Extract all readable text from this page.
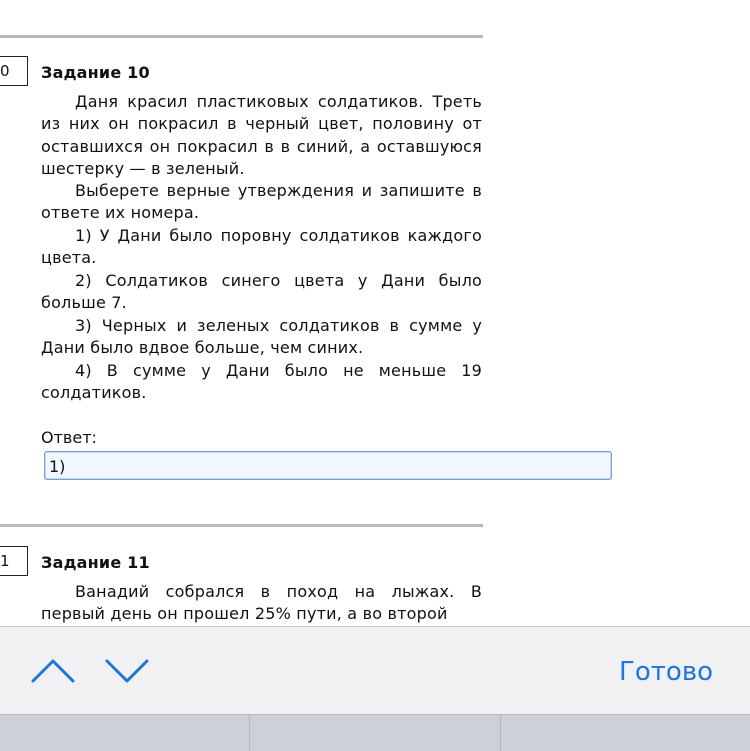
0	Задание 10

Даня красил пластиковых солдатиков. Треть из них он покрасил в черный цвет, половину от оставшихся он покрасил в в синий, а оставшуюся шестерку — в зеленый.

Выберете верные утверждения и запишите в ответе их номера.

1) У Дани было поровну солдатиков каждого цвета.

2) Солдатиков синего цвета у Дани было больше 7.

3) Черных и зеленых солдатиков в сумме у Дани было вдвое больше, чем синих.

4) В сумме у Дани было не меньше 19 солдатиков.

Ответ:
1)
1	Задание 11

Ванадий собрался в поход на лыжах. В первый день он прошел 25% пути, а во второй

Готово
